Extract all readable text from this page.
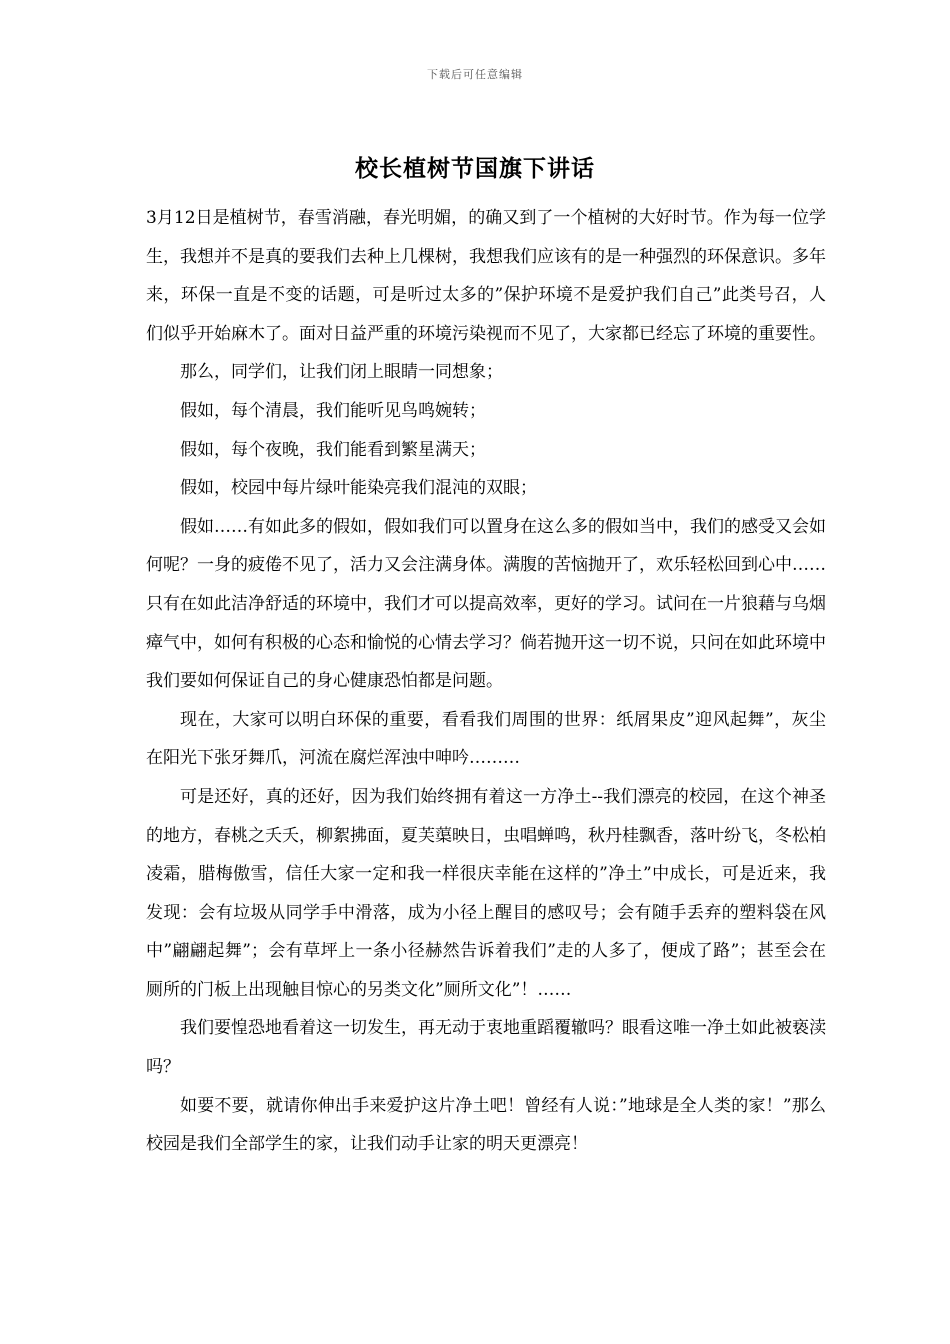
下载后可任意编辑
校长植树节国旗下讲话

3月12日是植树节，春雪消融，春光明媚，的确又到了一个植树的大好时节。作为每一位学生，我想并不是真的要我们去种上几棵树，我想我们应该有的是一种强烈的环保意识。多年来，环保一直是不变的话题，可是听过太多的”保护环境不是爱护我们自己”此类号召，人们似乎开始麻木了。面对日益严重的环境污染视而不见了，大家都已经忘了环境的重要性。

那么，同学们，让我们闭上眼睛一同想象；

假如，每个清晨，我们能听见鸟鸣婉转；

假如，每个夜晚，我们能看到繁星满天；

假如，校园中每片绿叶能染亮我们混沌的双眼；

假如……有如此多的假如，假如我们可以置身在这么多的假如当中，我们的感受又会如何呢？一身的疲倦不见了，活力又会注满身体。满腹的苦恼抛开了，欢乐轻松回到心中……只有在如此洁净舒适的环境中，我们才可以提高效率，更好的学习。试问在一片狼藉与乌烟瘴气中，如何有积极的心态和愉悦的心情去学习？倘若抛开这一切不说，只问在如此环境中我们要如何保证自己的身心健康恐怕都是问题。

现在，大家可以明白环保的重要，看看我们周围的世界：纸屑果皮”迎风起舞”，灰尘在阳光下张牙舞爪，河流在腐烂浑浊中呻吟………

可是还好，真的还好，因为我们始终拥有着这一方净土--我们漂亮的校园，在这个神圣的地方，春桃之夭夭，柳絮拂面，夏芙蕖映日，虫唱蝉鸣，秋丹桂飘香，落叶纷飞，冬松柏凌霜，腊梅傲雪，信任大家一定和我一样很庆幸能在这样的”净土”中成长，可是近来，我发现：会有垃圾从同学手中滑落，成为小径上醒目的感叹号；会有随手丢弃的塑料袋在风中”翩翩起舞”；会有草坪上一条小径赫然告诉着我们”走的人多了，便成了路”；甚至会在厕所的门板上出现触目惊心的另类文化”厕所文化”！……

我们要惶恐地看着这一切发生，再无动于衷地重蹈覆辙吗？眼看这唯一净土如此被亵渎吗？

如要不要，就请你伸出手来爱护这片净土吧！曾经有人说：”地球是全人类的家！”那么校园是我们全部学生的家，让我们动手让家的明天更漂亮！
